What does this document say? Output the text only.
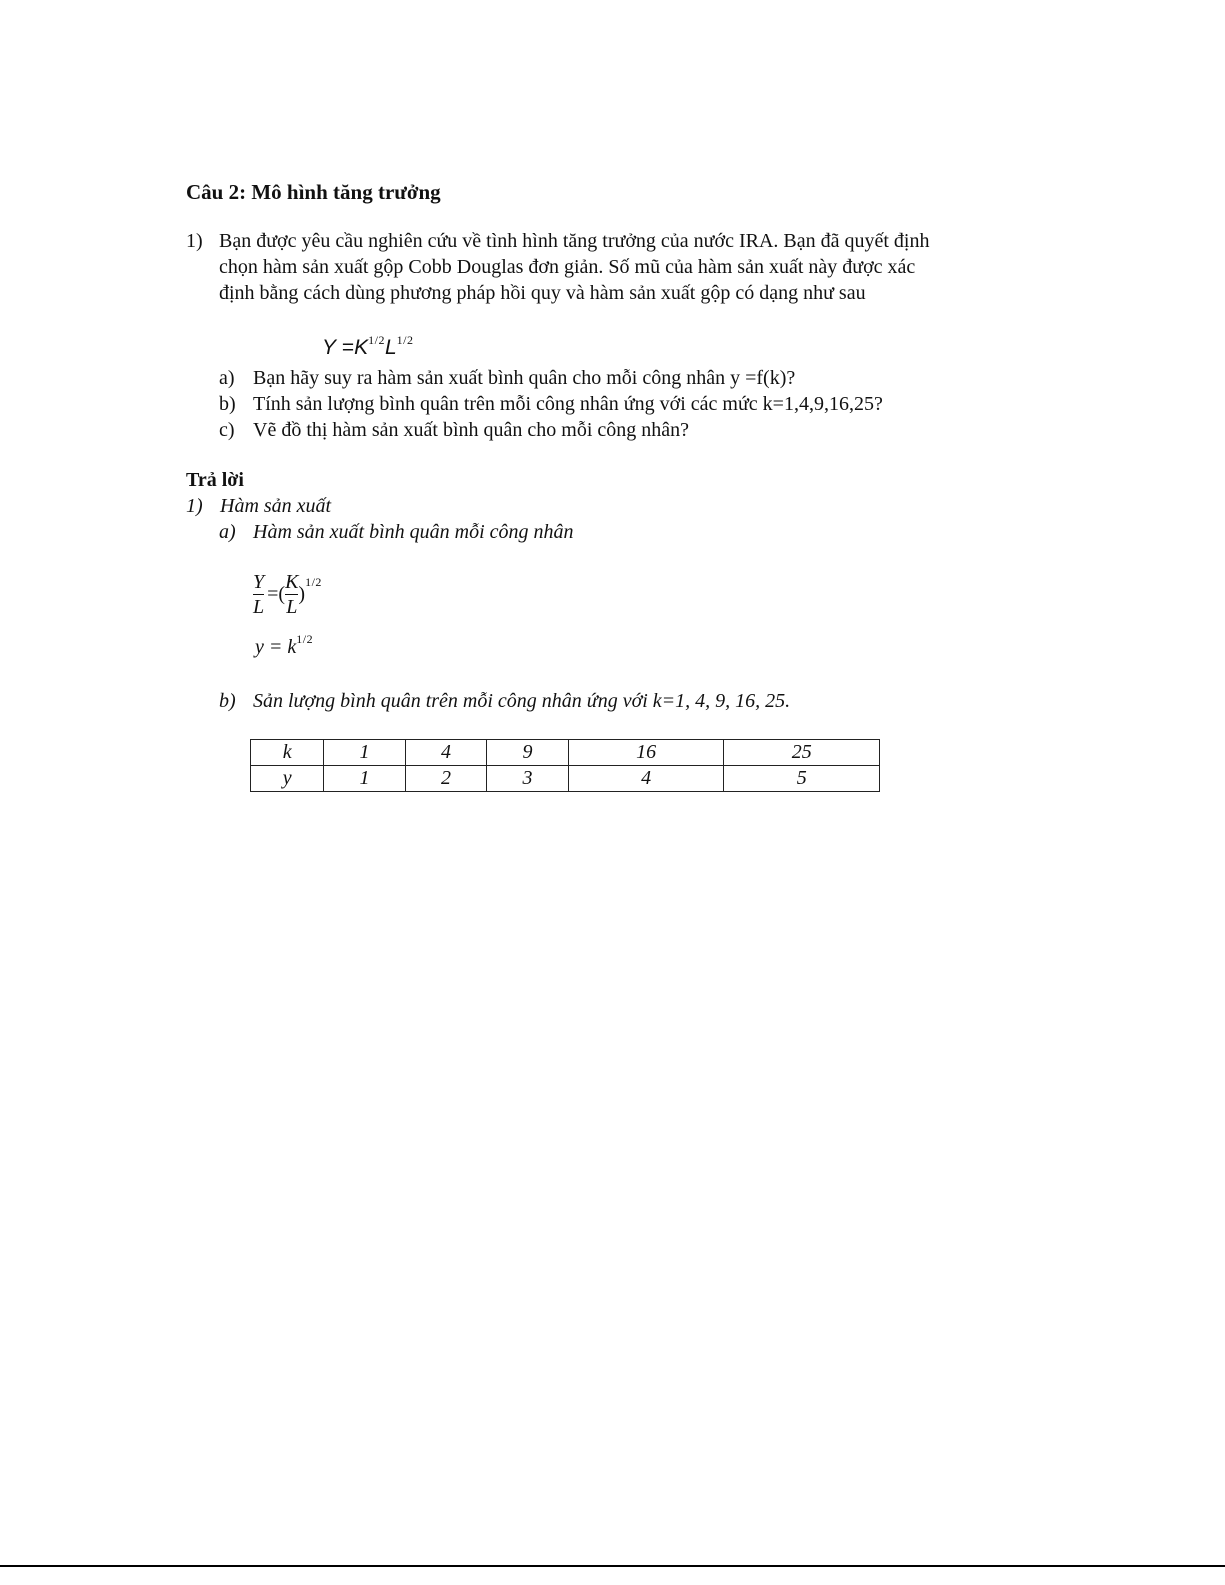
Câu 2: Mô hình tăng trưởng
1) Bạn được yêu cầu nghiên cứu về tình hình tăng trưởng của nước IRA. Bạn đã quyết định
chọn hàm sản xuất gộp Cobb Douglas đơn giản. Số mũ của hàm sản xuất này được xác
định bằng cách dùng phương pháp hồi quy và hàm sản xuất gộp có dạng như sau
$Y =K^{1/2}L^{1/2}$
a) Bạn hãy suy ra hàm sản xuất bình quân cho mỗi công nhân y =f(k)?
b) Tính sản lượng bình quân trên mỗi công nhân ứng với các mức k=1,4,9,16,25?
c) Vẽ đồ thị hàm sản xuất bình quân cho mỗi công nhân?
Trả lời
1) Hàm sản xuất
a) Hàm sản xuất bình quân mỗi công nhân
$\frac{Y}{L}$ =( $\frac{K}{L} )^{1/2}$
$y = k^{1/2}$
b) Sản lượng bình quân trên mỗi công nhân ứng với k=1, 4, 9, 16, 25.
k	1	4	9	16	25
y	1	2	3	4	5
